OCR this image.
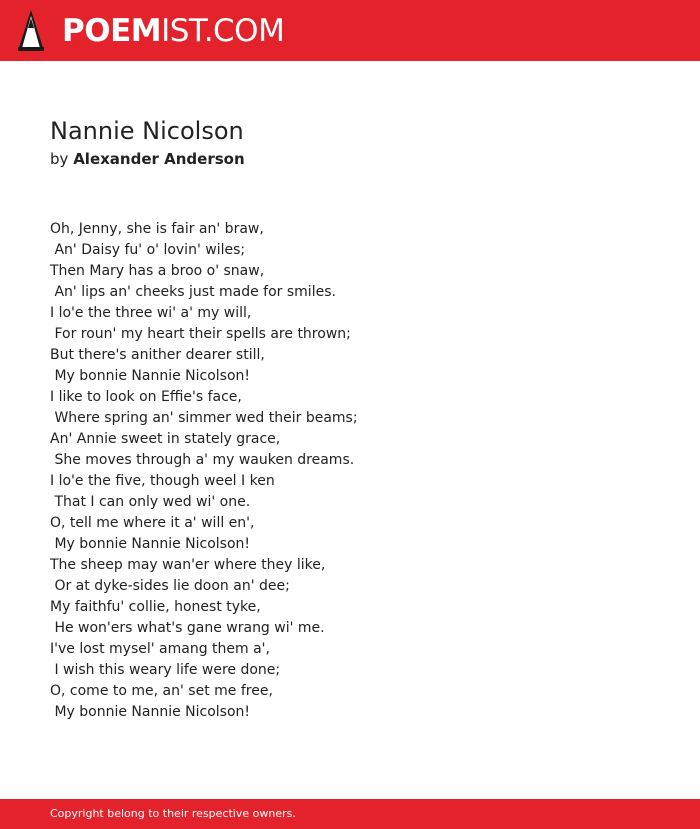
POEMIST.COM
Nannie Nicolson
by Alexander Anderson
Oh, Jenny, she is fair an' braw,
An' Daisy fu' o' lovin' wiles;
Then Mary has a broo o' snaw,
An' lips an' cheeks just made for smiles.
I lo'e the three wi' a' my will,
For roun' my heart their spells are thrown;
But there's anither dearer still,
My bonnie Nannie Nicolson!
I like to look on Effie's face,
Where spring an' simmer wed their beams;
An' Annie sweet in stately grace,
She moves through a' my wauken dreams.
I lo'e the five, though weel I ken
That I can only wed wi' one.
O, tell me where it a' will en',
My bonnie Nannie Nicolson!
The sheep may wan'er where they like,
Or at dyke-sides lie doon an' dee;
My faithfu' collie, honest tyke,
He won'ers what's gane wrang wi' me.
I've lost mysel' amang them a',
I wish this weary life were done;
O, come to me, an' set me free,
My bonnie Nannie Nicolson!
Copyright belong to their respective owners.
